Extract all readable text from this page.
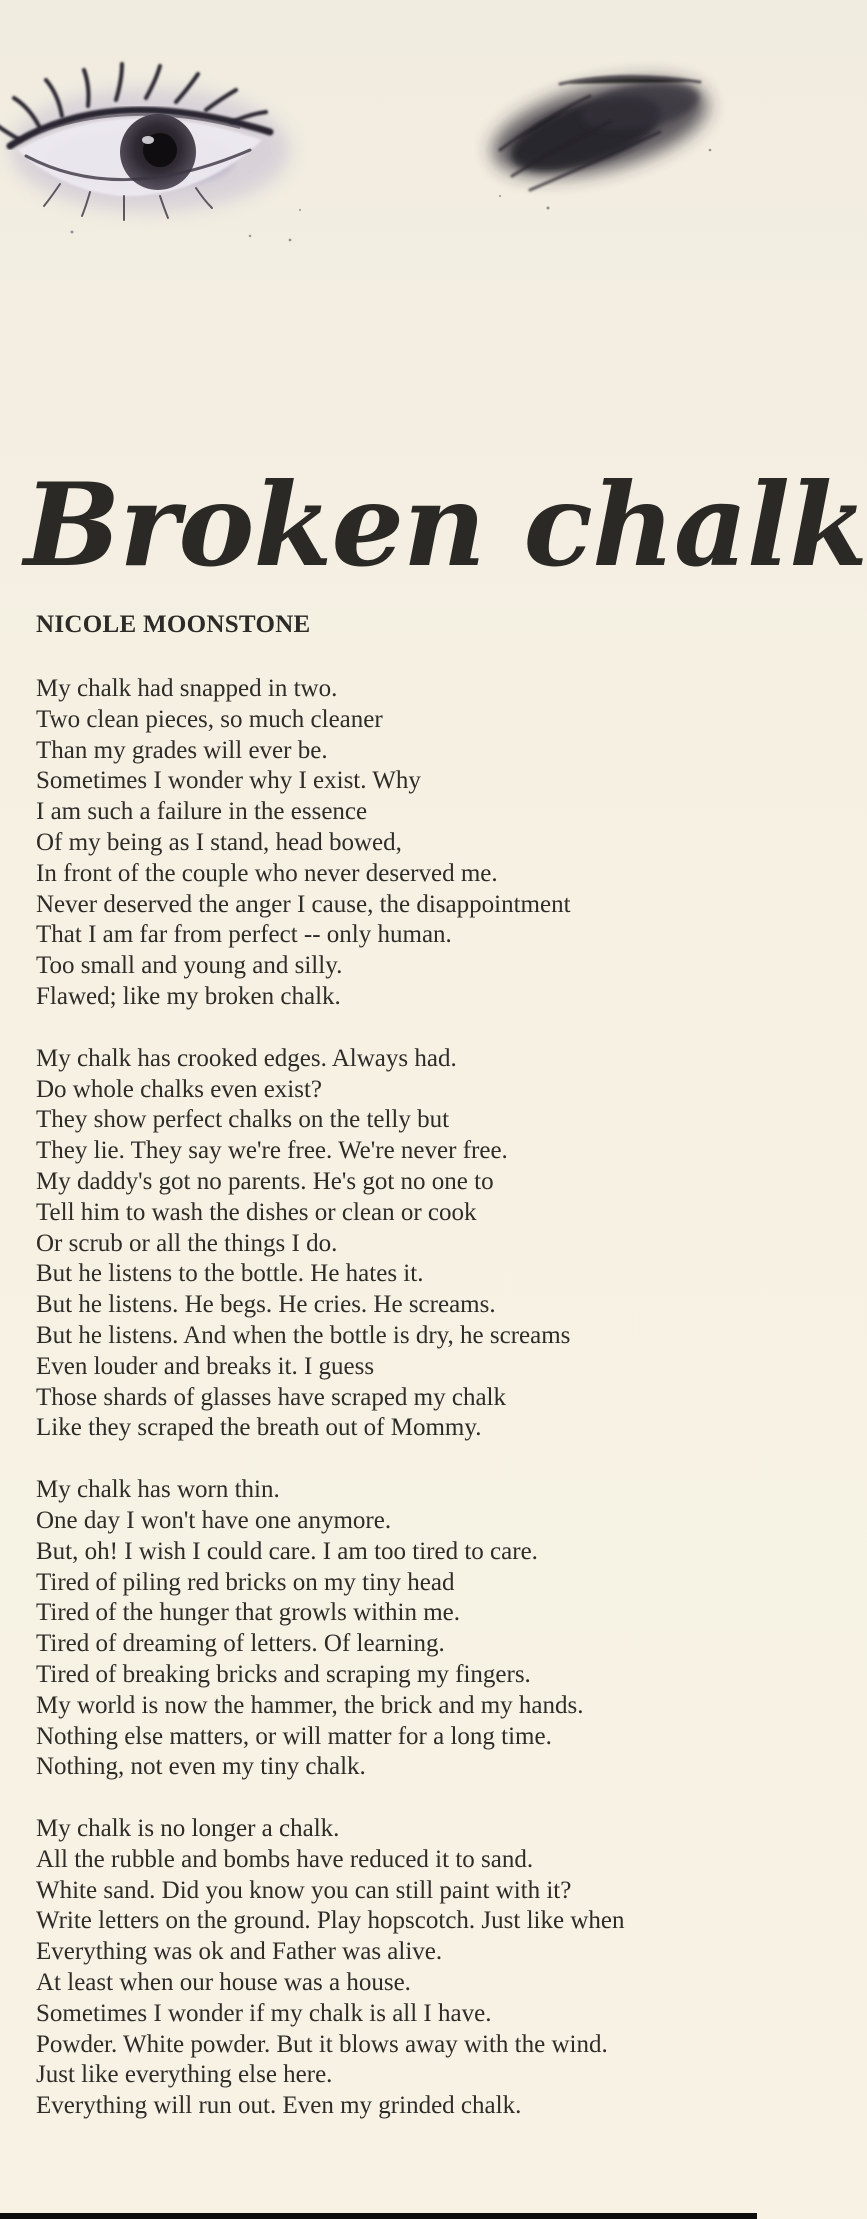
Broken chalk
NICOLE MOONSTONE
My chalk had snapped in two.
Two clean pieces, so much cleaner
Than my grades will ever be.
Sometimes I wonder why I exist. Why
I am such a failure in the essence
Of my being as I stand, head bowed,
In front of the couple who never deserved me.
Never deserved the anger I cause, the disappointment
That I am far from perfect -- only human.
Too small and young and silly.
Flawed; like my broken chalk.
My chalk has crooked edges. Always had.
Do whole chalks even exist?
They show perfect chalks on the telly but
They lie. They say we're free. We're never free.
My daddy's got no parents. He's got no one to
Tell him to wash the dishes or clean or cook
Or scrub or all the things I do.
But he listens to the bottle. He hates it.
But he listens. He begs. He cries. He screams.
But he listens. And when the bottle is dry, he screams
Even louder and breaks it. I guess
Those shards of glasses have scraped my chalk
Like they scraped the breath out of Mommy.
My chalk has worn thin.
One day I won't have one anymore.
But, oh! I wish I could care. I am too tired to care.
Tired of piling red bricks on my tiny head
Tired of the hunger that growls within me.
Tired of dreaming of letters. Of learning.
Tired of breaking bricks and scraping my fingers.
My world is now the hammer, the brick and my hands.
Nothing else matters, or will matter for a long time.
Nothing, not even my tiny chalk.
My chalk is no longer a chalk.
All the rubble and bombs have reduced it to sand.
White sand. Did you know you can still paint with it?
Write letters on the ground. Play hopscotch. Just like when
Everything was ok and Father was alive.
At least when our house was a house.
Sometimes I wonder if my chalk is all I have.
Powder. White powder. But it blows away with the wind.
Just like everything else here.
Everything will run out. Even my grinded chalk.
